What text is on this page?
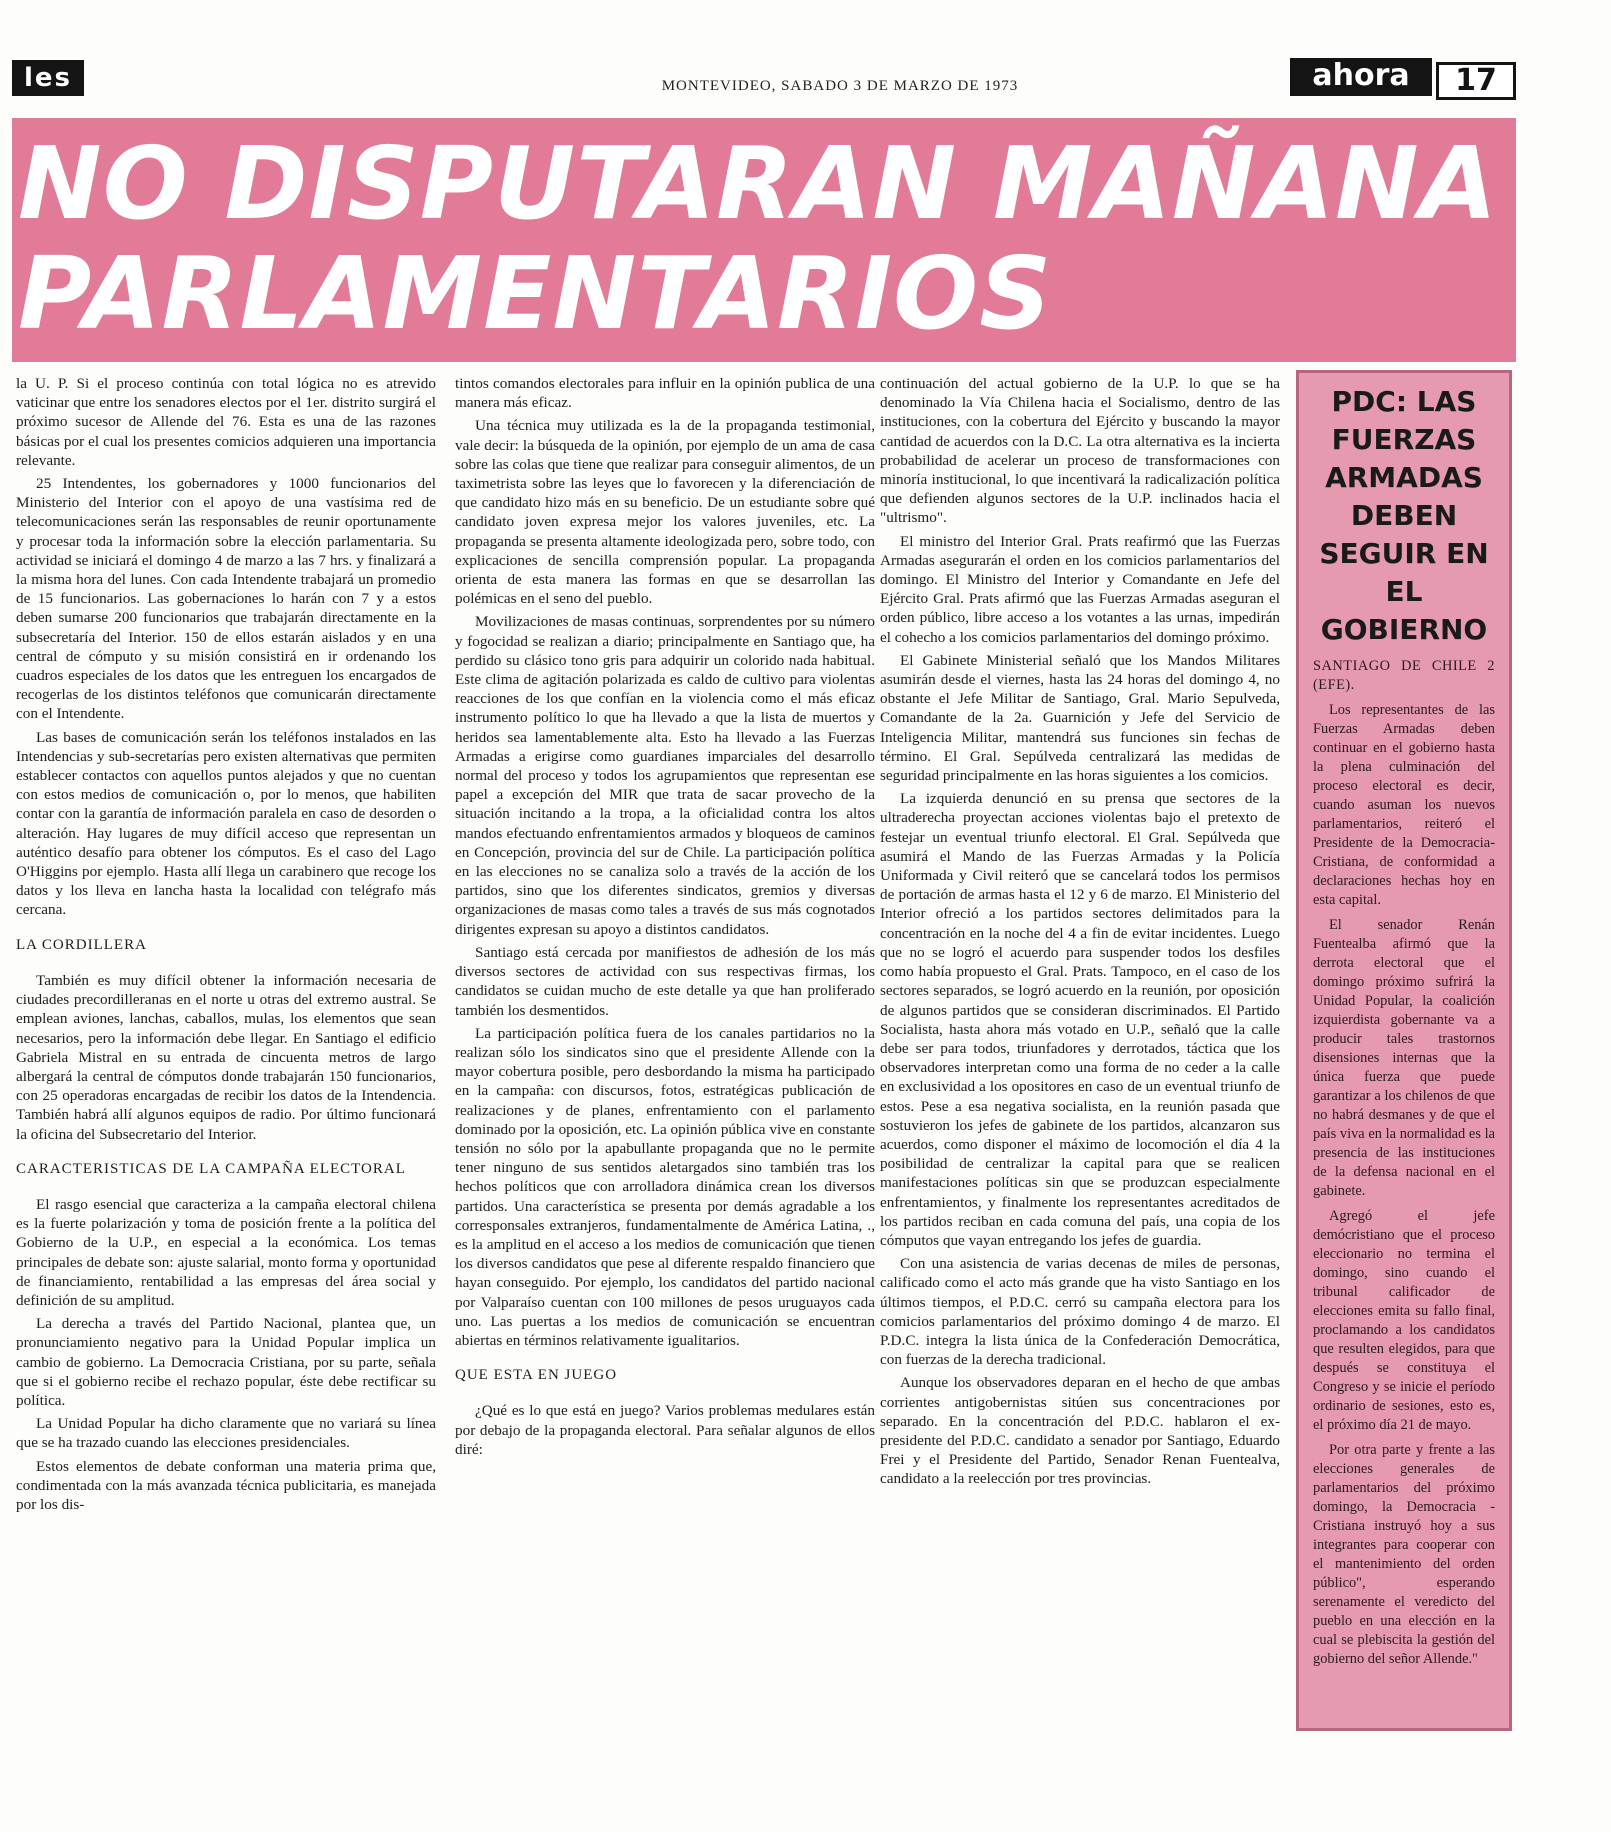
les	MONTEVIDEO, SABADO 3 DE MARZO DE 1973	ahora	17
NO DISPUTARAN MAÑANA
PARLAMENTARIOS

la U. P. Si el proceso continúa con total lógica no es atrevido vaticinar que entre los senadores electos por el 1er. distrito surgirá el próximo sucesor de Allende del 76. Esta es una de las razones básicas por el cual los presentes comicios adquieren una importancia relevante.

25 Intendentes, los gobernadores y 1000 funcionarios del Ministerio del Interior con el apoyo de una vastísima red de telecomunicaciones serán las responsables de reunir oportunamente y procesar toda la información sobre la elección parlamentaria. Su actividad se iniciará el domingo 4 de marzo a las 7 hrs. y finalizará a la misma hora del lunes. Con cada Intendente trabajará un promedio de 15 funcionarios. Las gobernaciones lo harán con 7 y a estos deben sumarse 200 funcionarios que trabajarán directamente en la subsecretaría del Interior. 150 de ellos estarán aislados y en una central de cómputo y su misión consistirá en ir ordenando los cuadros especiales de los datos que les entreguen los encargados de recogerlas de los distintos teléfonos que comunicarán directamente con el Intendente.

Las bases de comunicación serán los teléfonos instalados en las Intendencias y sub-secretarías pero existen alternativas que permiten establecer contactos con aquellos puntos alejados y que no cuentan con estos medios de comunicación o, por lo menos, que habiliten contar con la garantía de información paralela en caso de desorden o alteración. Hay lugares de muy difícil acceso que representan un auténtico desafío para obtener los cómputos. Es el caso del Lago O'Higgins por ejemplo. Hasta allí llega un carabinero que recoge los datos y los lleva en lancha hasta la localidad con telégrafo más cercana.

LA CORDILLERA

También es muy difícil obtener la información necesaria de ciudades precordilleranas en el norte u otras del extremo austral. Se emplean aviones, lanchas, caballos, mulas, los elementos que sean necesarios, pero la información debe llegar. En Santiago el edificio Gabriela Mistral en su entrada de cincuenta metros de largo albergará la central de cómputos donde trabajarán 150 funcionarios, con 25 operadoras encargadas de recibir los datos de la Intendencia. También habrá allí algunos equipos de radio. Por último funcionará la oficina del Subsecretario del Interior.

CARACTERISTICAS DE LA CAMPAÑA ELECTORAL

El rasgo esencial que caracteriza a la campaña electoral chilena es la fuerte polarización y toma de posición frente a la política del Gobierno de la U.P., en especial a la económica. Los temas principales de debate son: ajuste salarial, monto forma y oportunidad de financiamiento, rentabilidad a las empresas del área social y definición de su amplitud.

La derecha a través del Partido Nacional, plantea que, un pronunciamiento negativo para la Unidad Popular implica un cambio de gobierno. La Democracia Cristiana, por su parte, señala que si el gobierno recibe el rechazo popular, éste debe rectificar su política.

La Unidad Popular ha dicho claramente que no variará su línea que se ha trazado cuando las elecciones presidenciales.

Estos elementos de debate conforman una materia prima que, condimentada con la más avanzada técnica publicitaria, es manejada por los dis-

tintos comandos electorales para influir en la opinión publica de una manera más eficaz.

Una técnica muy utilizada es la de la propaganda testimonial, vale decir: la búsqueda de la opinión, por ejemplo de un ama de casa sobre las colas que tiene que realizar para conseguir alimentos, de un taximetrista sobre las leyes que lo favorecen y la diferenciación de que candidato hizo más en su beneficio. De un estudiante sobre qué candidato joven expresa mejor los valores juveniles, etc. La propaganda se presenta altamente ideologizada pero, sobre todo, con explicaciones de sencilla comprensión popular. La propaganda orienta de esta manera las formas en que se desarrollan las polémicas en el seno del pueblo.

Movilizaciones de masas continuas, sorprendentes por su número y fogocidad se realizan a diario; principalmente en Santiago que, ha perdido su clásico tono gris para adquirir un colorido nada habitual. Este clima de agitación polarizada es caldo de cultivo para violentas reacciones de los que confían en la violencia como el más eficaz instrumento político lo que ha llevado a que la lista de muertos y heridos sea lamentablemente alta. Esto ha llevado a las Fuerzas Armadas a erigirse como guardianes imparciales del desarrollo normal del proceso y todos los agrupamientos que representan ese papel a excepción del MIR que trata de sacar provecho de la situación incitando a la tropa, a la oficialidad contra los altos mandos efectuando enfrentamientos armados y bloqueos de caminos en Concepción, provincia del sur de Chile. La participación política en las elecciones no se canaliza solo a través de la acción de los partidos, sino que los diferentes sindicatos, gremios y diversas organizaciones de masas como tales a través de sus más cognotados dirigentes expresan su apoyo a distintos candidatos.

Santiago está cercada por manifiestos de adhesión de los más diversos sectores de actividad con sus respectivas firmas, los candidatos se cuidan mucho de este detalle ya que han proliferado también los desmentidos.

La participación política fuera de los canales partidarios no la realizan sólo los sindicatos sino que el presidente Allende con la mayor cobertura posible, pero desbordando la misma ha participado en la campaña: con discursos, fotos, estratégicas publicación de realizaciones y de planes, enfrentamiento con el parlamento dominado por la oposición, etc. La opinión pública vive en constante tensión no sólo por la apabullante propaganda que no le permite tener ninguno de sus sentidos aletargados sino también tras los hechos políticos que con arrolladora dinámica crean los diversos partidos. Una característica se presenta por demás agradable a los corresponsales extranjeros, fundamentalmente de América Latina, ., es la amplitud en el acceso a los medios de comunicación que tienen los diversos candidatos que pese al diferente respaldo financiero que hayan conseguido. Por ejemplo, los candidatos del partido nacional por Valparaíso cuentan con 100 millones de pesos uruguayos cada uno. Las puertas a los medios de comunicación se encuentran abiertas en términos relativamente igualitarios.

QUE ESTA EN JUEGO

¿Qué es lo que está en juego? Varios problemas medulares están por debajo de la propaganda electoral. Para señalar algunos de ellos diré:

continuación del actual gobierno de la U.P. lo que se ha denominado la Vía Chilena hacia el Socialismo, dentro de las instituciones, con la cobertura del Ejército y buscando la mayor cantidad de acuerdos con la D.C. La otra alternativa es la incierta probabilidad de acelerar un proceso de transformaciones con minoría institucional, lo que incentivará la radicalización política que defienden algunos sectores de la U.P. inclinados hacia el "ultrismo".

El ministro del Interior Gral. Prats reafirmó que las Fuerzas Armadas asegurarán el orden en los comicios parlamentarios del domingo. El Ministro del Interior y Comandante en Jefe del Ejército Gral. Prats afirmó que las Fuerzas Armadas aseguran el orden público, libre acceso a los votantes a las urnas, impedirán el cohecho a los comicios parlamentarios del domingo próximo.

El Gabinete Ministerial señaló que los Mandos Militares asumirán desde el viernes, hasta las 24 horas del domingo 4, no obstante el Jefe Militar de Santiago, Gral. Mario Sepulveda, Comandante de la 2a. Guarnición y Jefe del Servicio de Inteligencia Militar, mantendrá sus funciones sin fechas de término. El Gral. Sepúlveda centralizará las medidas de seguridad principalmente en las horas siguientes a los comicios.

La izquierda denunció en su prensa que sectores de la ultraderecha proyectan acciones violentas bajo el pretexto de festejar un eventual triunfo electoral. El Gral. Sepúlveda que asumirá el Mando de las Fuerzas Armadas y la Policía Uniformada y Civil reiteró que se cancelará todos los permisos de portación de armas hasta el 12 y 6 de marzo. El Ministerio del Interior ofreció a los partidos sectores delimitados para la concentración en la noche del 4 a fin de evitar incidentes. Luego que no se logró el acuerdo para suspender todos los desfiles como había propuesto el Gral. Prats. Tampoco, en el caso de los sectores separados, se logró acuerdo en la reunión, por oposición de algunos partidos que se consideran discriminados. El Partido Socialista, hasta ahora más votado en U.P., señaló que la calle debe ser para todos, triunfadores y derrotados, táctica que los observadores interpretan como una forma de no ceder a la calle en exclusividad a los opositores en caso de un eventual triunfo de estos. Pese a esa negativa socialista, en la reunión pasada que sostuvieron los jefes de gabinete de los partidos, alcanzaron sus acuerdos, como disponer el máximo de locomoción el día 4 la posibilidad de centralizar la capital para que se realicen manifestaciones políticas sin que se produzcan especialmente enfrentamientos, y finalmente los representantes acreditados de los partidos reciban en cada comuna del país, una copia de los cómputos que vayan entregando los jefes de guardia.

Con una asistencia de varias decenas de miles de personas, calificado como el acto más grande que ha visto Santiago en los últimos tiempos, el P.D.C. cerró su campaña electora para los comicios parlamentarios del próximo domingo 4 de marzo. El P.D.C. integra la lista única de la Confederación Democrática, con fuerzas de la derecha tradicional.

Aunque los observadores deparan en el hecho de que ambas corrientes antigobernistas sitúen sus concentraciones por separado. En la concentración del P.D.C. hablaron el ex-presidente del P.D.C. candidato a senador por Santiago, Eduardo Frei y el Presidente del Partido, Senador Renan Fuentealva, candidato a la reelección por tres provincias.

PDC: LAS FUERZAS ARMADAS DEBEN SEGUIR EN EL GOBIERNO

SANTIAGO DE CHILE 2 (EFE).

Los representantes de las Fuerzas Armadas deben continuar en el gobierno hasta la plena culminación del proceso electoral es decir, cuando asuman los nuevos parlamentarios, reiteró el Presidente de la Democracia- Cristiana, de conformidad a declaraciones hechas hoy en esta capital.

El senador Renán Fuentealba afirmó que la derrota electoral que el domingo próximo sufrirá la Unidad Popular, la coalición izquierdista gobernante va a producir tales trastornos disensiones internas que la única fuerza que puede garantizar a los chilenos de que no habrá desmanes y de que el país viva en la normalidad es la presencia de las instituciones de la defensa nacional en el gabinete.

Agregó el jefe demócristiano que el proceso eleccionario no termina el domingo, sino cuando el tribunal calificador de elecciones emita su fallo final, proclamando a los candidatos que resulten elegidos, para que después se constituya el Congreso y se inicie el período ordinario de sesiones, esto es, el próximo día 21 de mayo.

Por otra parte y frente a las elecciones generales de parlamentarios del próximo domingo, la Democracia - Cristiana instruyó hoy a sus integrantes para cooperar con el mantenimiento del orden público", esperando serenamente el veredicto del pueblo en una elección en la cual se plebiscita la gestión del gobierno del señor Allende."
